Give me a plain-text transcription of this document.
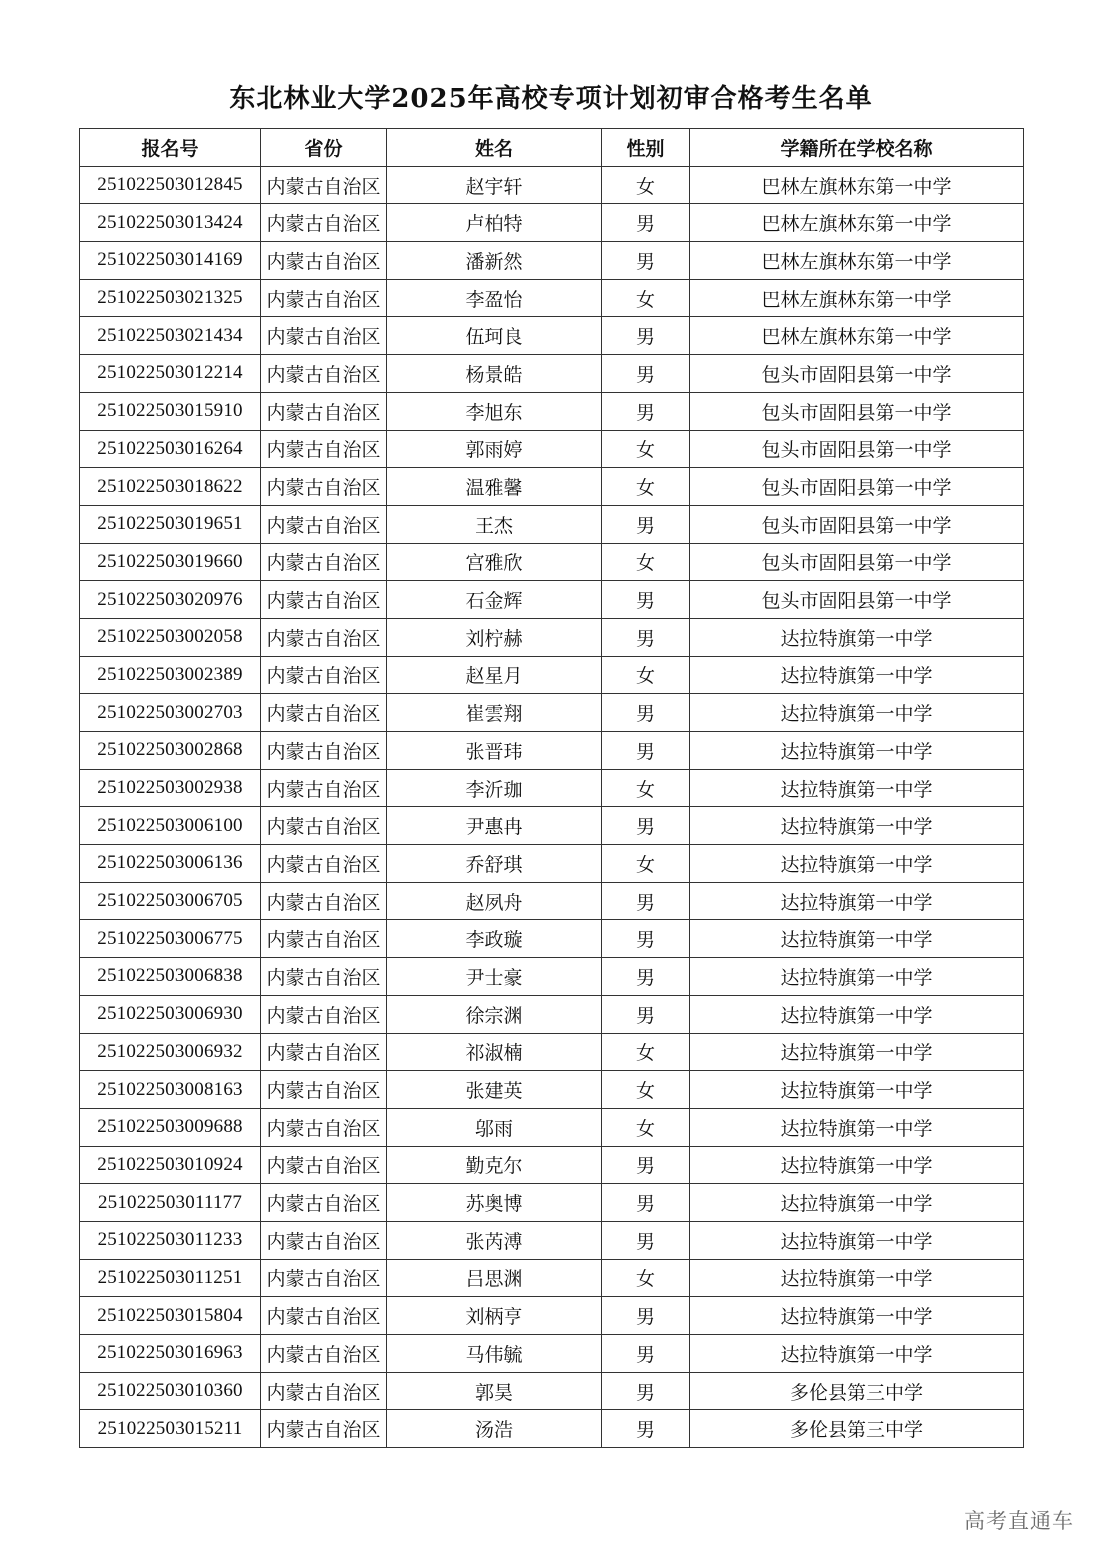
东北林业大学2025年高校专项计划初审合格考生名单
报名号	省份	姓名	性别	学籍所在学校名称
251022503012845	内蒙古自治区	赵宇轩	女	巴林左旗林东第一中学
251022503013424	内蒙古自治区	卢柏特	男	巴林左旗林东第一中学
251022503014169	内蒙古自治区	潘新然	男	巴林左旗林东第一中学
251022503021325	内蒙古自治区	李盈怡	女	巴林左旗林东第一中学
251022503021434	内蒙古自治区	伍珂良	男	巴林左旗林东第一中学
251022503012214	内蒙古自治区	杨景皓	男	包头市固阳县第一中学
251022503015910	内蒙古自治区	李旭东	男	包头市固阳县第一中学
251022503016264	内蒙古自治区	郭雨婷	女	包头市固阳县第一中学
251022503018622	内蒙古自治区	温雅馨	女	包头市固阳县第一中学
251022503019651	内蒙古自治区	王杰	男	包头市固阳县第一中学
251022503019660	内蒙古自治区	宫雅欣	女	包头市固阳县第一中学
251022503020976	内蒙古自治区	石金辉	男	包头市固阳县第一中学
251022503002058	内蒙古自治区	刘柠赫	男	达拉特旗第一中学
251022503002389	内蒙古自治区	赵星月	女	达拉特旗第一中学
251022503002703	内蒙古自治区	崔雲翔	男	达拉特旗第一中学
251022503002868	内蒙古自治区	张晋玮	男	达拉特旗第一中学
251022503002938	内蒙古自治区	李沂珈	女	达拉特旗第一中学
251022503006100	内蒙古自治区	尹惠冉	男	达拉特旗第一中学
251022503006136	内蒙古自治区	乔舒琪	女	达拉特旗第一中学
251022503006705	内蒙古自治区	赵夙舟	男	达拉特旗第一中学
251022503006775	内蒙古自治区	李政璇	男	达拉特旗第一中学
251022503006838	内蒙古自治区	尹士豪	男	达拉特旗第一中学
251022503006930	内蒙古自治区	徐宗渊	男	达拉特旗第一中学
251022503006932	内蒙古自治区	祁淑楠	女	达拉特旗第一中学
251022503008163	内蒙古自治区	张建英	女	达拉特旗第一中学
251022503009688	内蒙古自治区	邬雨	女	达拉特旗第一中学
251022503010924	内蒙古自治区	勤克尔	男	达拉特旗第一中学
251022503011177	内蒙古自治区	苏奥博	男	达拉特旗第一中学
251022503011233	内蒙古自治区	张芮溥	男	达拉特旗第一中学
251022503011251	内蒙古自治区	吕思渊	女	达拉特旗第一中学
251022503015804	内蒙古自治区	刘柄亨	男	达拉特旗第一中学
251022503016963	内蒙古自治区	马伟毓	男	达拉特旗第一中学
251022503010360	内蒙古自治区	郭昊	男	多伦县第三中学
251022503015211	内蒙古自治区	汤浩	男	多伦县第三中学
高考直通车
